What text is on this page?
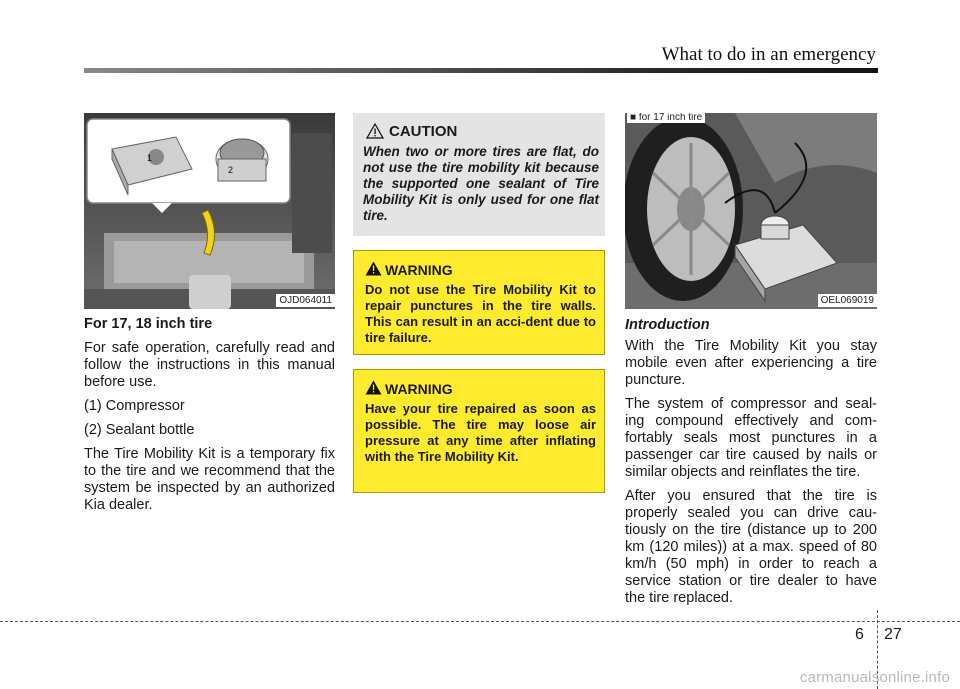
What to do in an emergency
1
2
OJD064011

For 17, 18 inch tire

For safe operation, carefully read and follow the instructions in this manual before use.

(1) Compressor

(2) Sealant bottle

The Tire Mobility Kit is a temporary fix to the tire and we recommend that the system be inspected by an authorized Kia dealer.

CAUTION
When two or more tires are flat, do not use the tire mobility kit because the supported one sealant of Tire Mobility Kit is only used for one flat tire.
WARNING
Do not use the Tire Mobility Kit to repair punctures in the tire walls. This can result in an acci-dent due to tire failure.
WARNING
Have your tire repaired as soon as possible. The tire may loose air pressure at any time after inflating with the Tire Mobility Kit.
■ for 17 inch tire
OEL069019

Introduction

With the Tire Mobility Kit you stay mobile even after experiencing a tire puncture.

The system of compressor and seal-ing compound effectively and com-fortably seals most punctures in a passenger car tire caused by nails or similar objects and reinflates the tire.

After you ensured that the tire is properly sealed you can drive cau-tiously on the tire (distance up to 200 km (120 miles)) at a max. speed of 80 km/h (50 mph) in order to reach a service station or tire dealer to have the tire replaced.

6 27
carmanualsonline.info
